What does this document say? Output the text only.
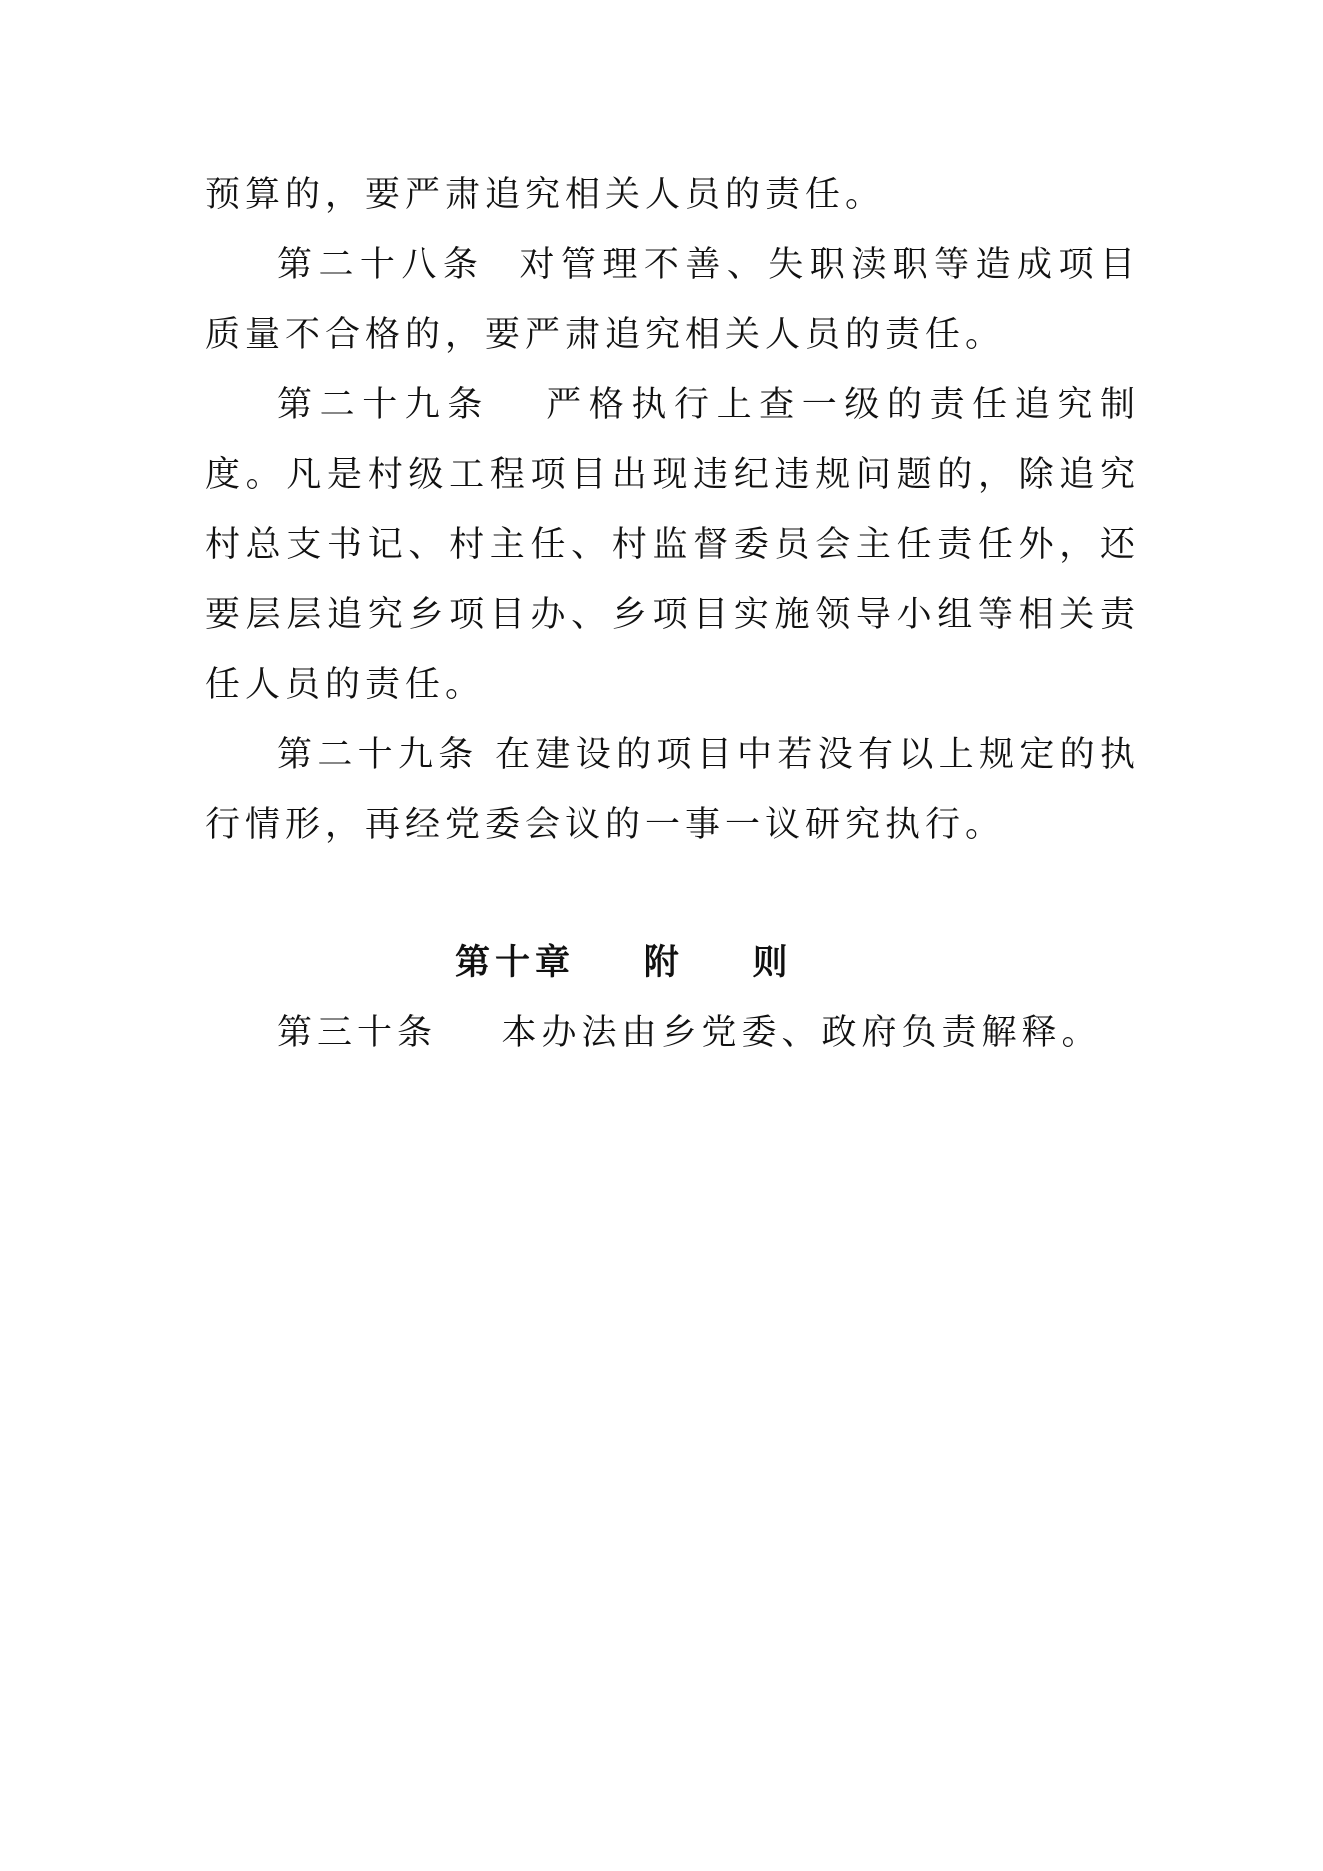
预算的，要严肃追究相关人员的责任。

第二十八条  对管理不善、失职渎职等造成项目质量不合格的，要严肃追究相关人员的责任。

第二十九条   严格执行上查一级的责任追究制度。凡是村级工程项目出现违纪违规问题的，除追究村总支书记、村主任、村监督委员会主任责任外，还要层层追究乡项目办、乡项目实施领导小组等相关责任人员的责任。

第二十九条 在建设的项目中若没有以上规定的执行情形，再经党委会议的一事一议研究执行。

第十章    附    则

第三十条    本办法由乡党委、政府负责解释。
